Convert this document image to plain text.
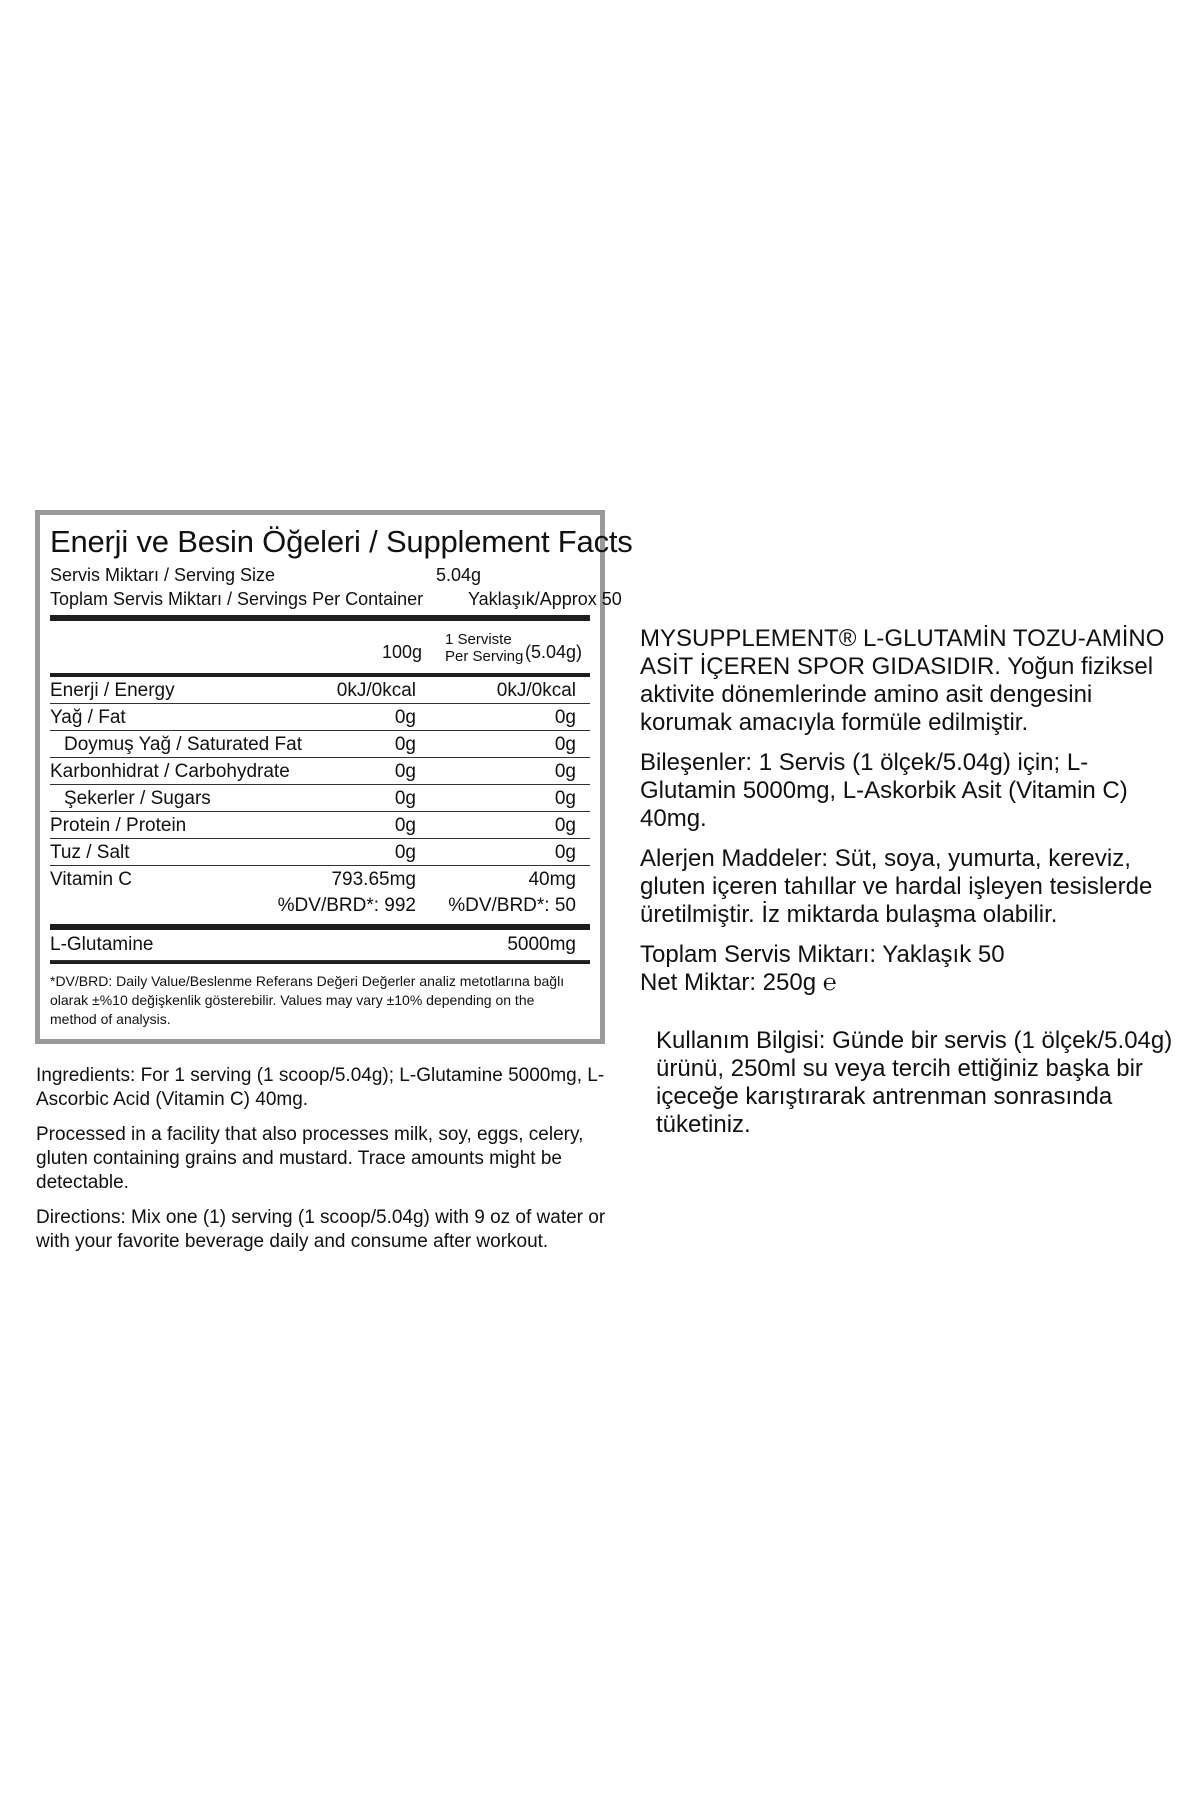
Enerji ve Besin Öğeleri / Supplement Facts
Servis Miktarı / Serving Size	5.04g
Toplam Servis Miktarı / Servings Per Container Yaklaşık/Approx 50
100g
1 Serviste
Per Serving (5.04g)
Enerji / Energy	0kJ/0kcal	0kJ/0kcal
Yağ / Fat	0g	0g
Doymuş Yağ / Saturated Fat	0g	0g
Karbonhidrat / Carbohydrate	0g	0g
Şekerler / Sugars	0g	0g
Protein / Protein	0g	0g
Tuz / Salt	0g	0g
Vitamin C	793.65mg	40mg
%DV/BRD*: 992 %DV/BRD*: 50
L-Glutamine	5000mg
*DV/BRD: Daily Value/Beslenme Referans Değeri Değerler analiz metotlarına bağlı olarak ±%10 değişkenlik gösterebilir. Values may vary ±10% depending on the method of analysis.

Ingredients: For 1 serving (1 scoop/5.04g); L-Glutamine 5000mg, L-Ascorbic Acid (Vitamin C) 40mg.

Processed in a facility that also processes milk, soy, eggs, celery, gluten containing grains and mustard. Trace amounts might be detectable.

Directions: Mix one (1) serving (1 scoop/5.04g) with 9 oz of water or with your favorite beverage daily and consume after workout.

MYSUPPLEMENT® L-GLUTAMİN TOZU-AMİNO ASİT İÇEREN SPOR GIDASIDIR. Yoğun fiziksel aktivite dönemlerinde amino asit dengesini korumak amacıyla formüle edilmiştir.

Bileşenler: 1 Servis (1 ölçek/5.04g) için; L-Glutamin 5000mg, L-Askorbik Asit (Vitamin C) 40mg.

Alerjen Maddeler: Süt, soya, yumurta, kereviz, gluten içeren tahıllar ve hardal işleyen tesislerde üretilmiştir. İz miktarda bulaşma olabilir.

Toplam Servis Miktarı: Yaklaşık 50
Net Miktar: 250g ℮

Kullanım Bilgisi: Günde bir servis (1 ölçek/5.04g) ürünü, 250ml su veya tercih ettiğiniz başka bir içeceğe karıştırarak antrenman sonrasında tüketiniz.
